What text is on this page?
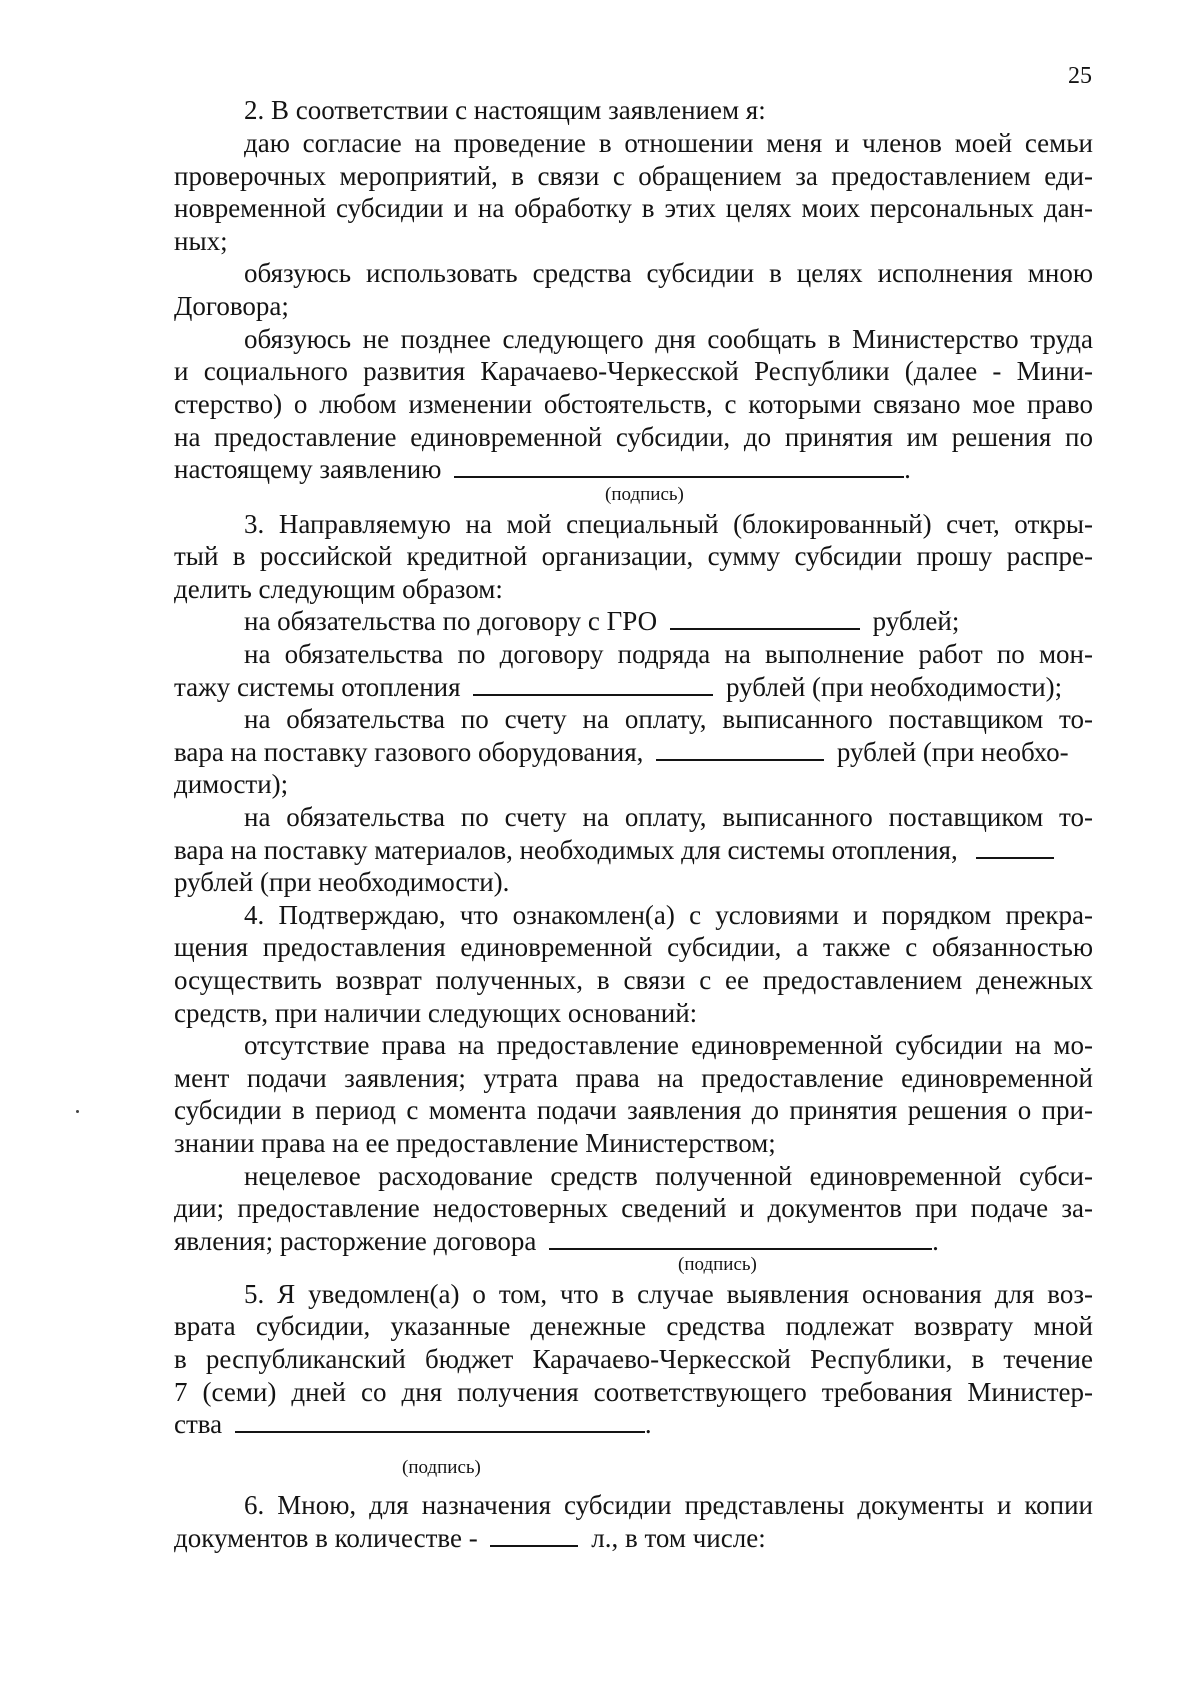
25
2. В соответствии с настоящим заявлением я:
даю согласие на проведение в отношении меня и членов моей семьи
проверочных мероприятий, в связи с обращением за предоставлением еди-
новременной субсидии и на обработку в этих целях моих персональных дан-
ных;
обязуюсь использовать средства субсидии в целях исполнения мною
Договора;
обязуюсь не позднее следующего дня сообщать в Министерство труда
и социального развития Карачаево-Черкесской Республики (далее - Мини-
стерство) о любом изменении обстоятельств, с которыми связано мое право
на предоставление единовременной субсидии, до принятия им решения по
настоящему заявлению	.
(подпись)
3. Направляемую на мой специальный (блокированный) счет, откры-
тый в российской кредитной организации, сумму субсидии прошу распре-
делить следующим образом:
на обязательства по договору с ГРО	рублей;
на обязательства по договору подряда на выполнение работ по мон-
тажу системы отопления	рублей (при необходимости);
на обязательства по счету на оплату, выписанного поставщиком то-
вара на поставку газового оборудования,	рублей (при необхо-
димости);
на обязательства по счету на оплату, выписанного поставщиком то-
вара на поставку материалов, необходимых для системы отопления,
рублей (при необходимости).
4. Подтверждаю, что ознакомлен(а) с условиями и порядком прекра-
щения предоставления единовременной субсидии, а также с обязанностью
осуществить возврат полученных, в связи с ее предоставлением денежных
средств, при наличии следующих оснований:
отсутствие права на предоставление единовременной субсидии на мо-
мент подачи заявления; утрата права на предоставление единовременной
субсидии в период с момента подачи заявления до принятия решения о при-
знании права на ее предоставление Министерством;
нецелевое расходование средств полученной единовременной субси-
дии; предоставление недостоверных сведений и документов при подаче за-
явления; расторжение договора	.
(подпись)
5. Я уведомлен(а) о том, что в случае выявления основания для воз-
врата субсидии, указанные денежные средства подлежат возврату мной
в республиканский бюджет Карачаево-Черкесской Республики, в течение
7 (семи) дней со дня получения соответствующего требования Министер-
ства	.
(подпись)
6. Мною, для назначения субсидии представлены документы и копии
документов в количестве -	л., в том числе:
